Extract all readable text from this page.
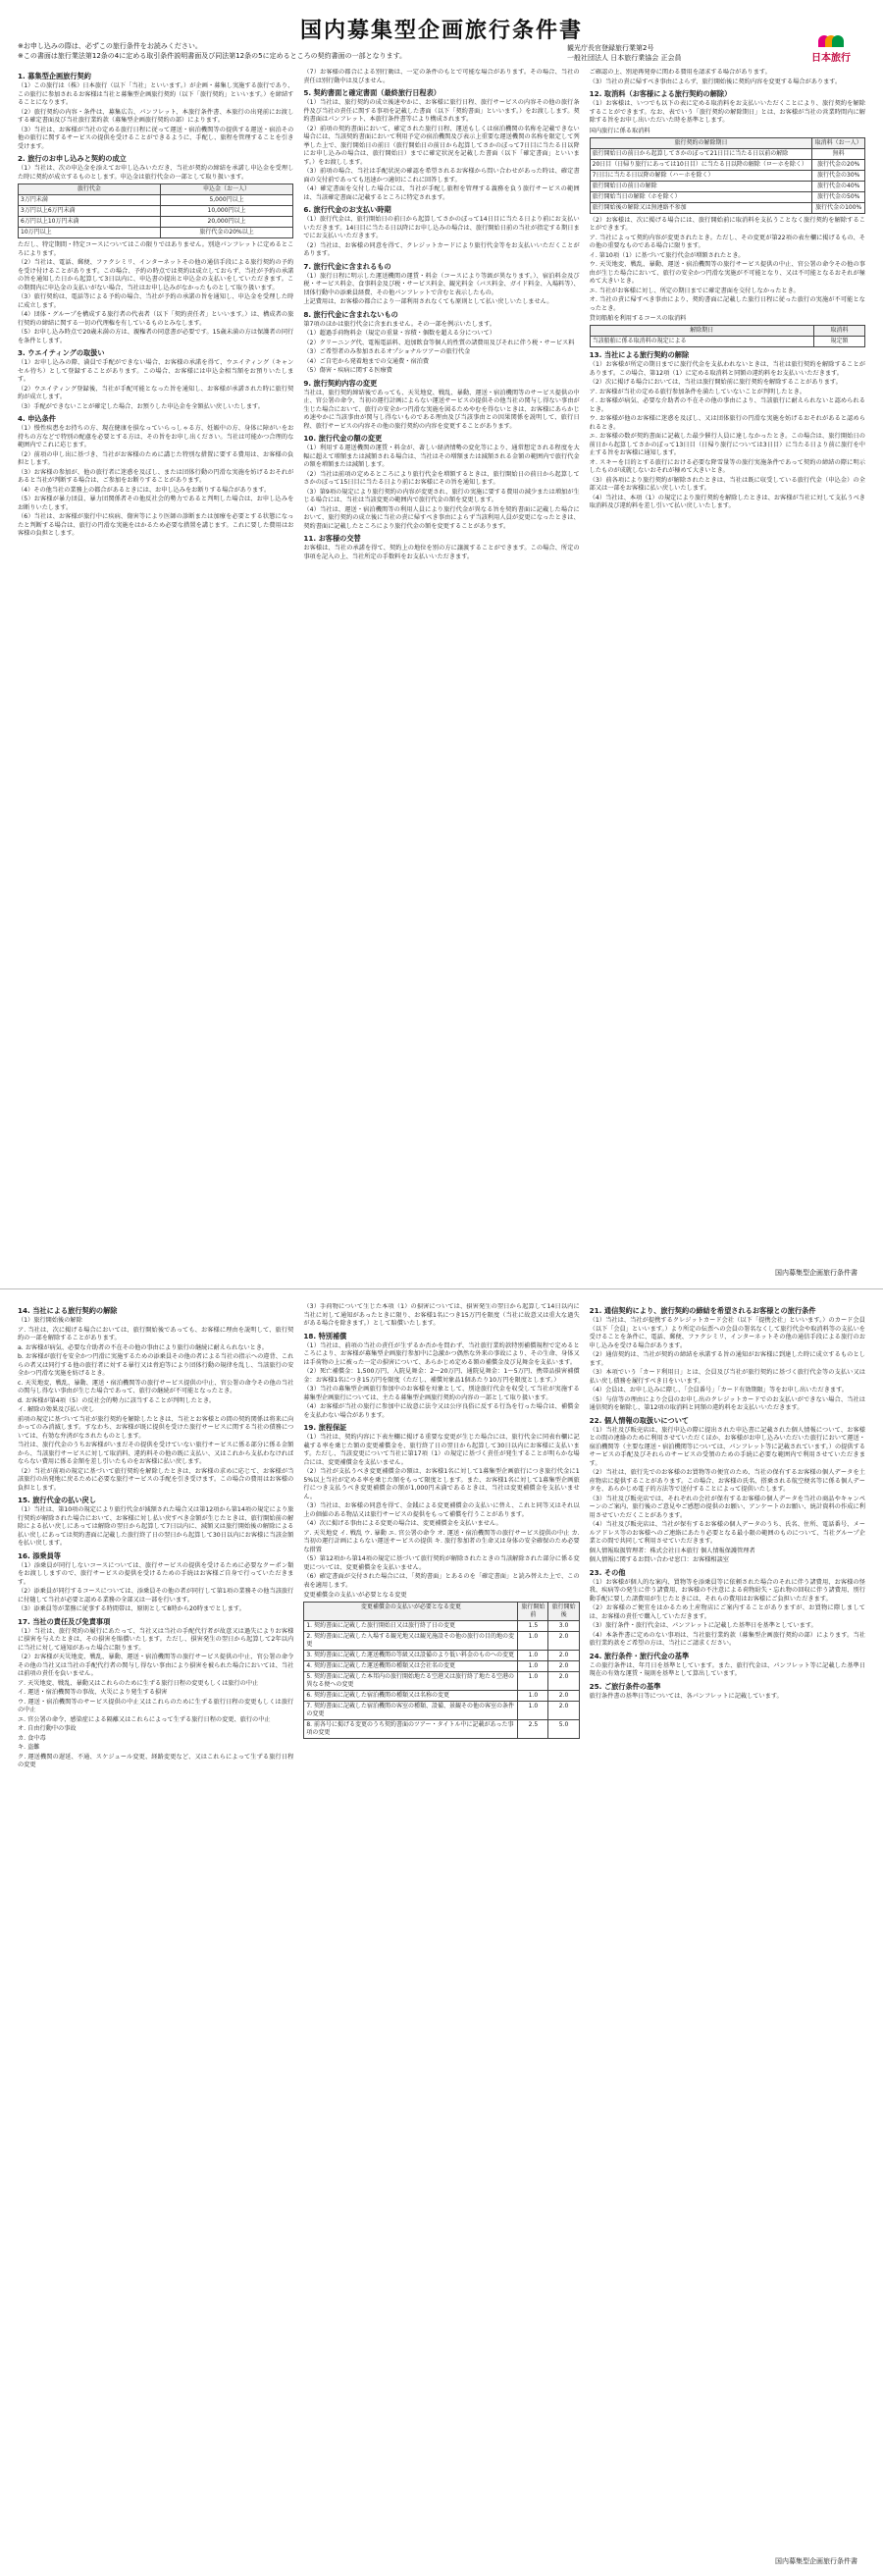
国内募集型企画旅行条件書
※お申し込みの際は、必ずこの旅行条件をお読みください。
※この書面は旅行業法第12条の4に定める取引条件説明書面及び同法第12条の5に定めるところの契約書面の一部となります。
観光庁長官登録旅行業第2号
一般社団法人 日本旅行業協会 正会員	日本旅行
1. 募集型企画旅行契約

（1）この旅行は（株）日本旅行（以下「当社」といいます。）が企画・募集し実施する旅行であり、この旅行に参加されるお客様は当社と募集型企画旅行契約（以下「旅行契約」といいます。）を締結することになります。

（2）旅行契約の内容・条件は、募集広告、パンフレット、本旅行条件書、本旅行の出発前にお渡しする確定書面及び当社旅行業約款（募集型企画旅行契約の部）によります。

（3）当社は、お客様が当社の定める旅行日程に従って運送・宿泊機関等の提供する運送・宿泊その他の旅行に関するサービスの提供を受けることができるように、手配し、旅程を管理することを引き受けます。

2. 旅行のお申し込みと契約の成立

（1）当社は、次の申込金を添えてお申し込みいただき、当社が契約の締結を承諾し申込金を受理した時に契約が成立するものとします。申込金は旅行代金の一部として取り扱います。

旅行代金	申込金（お一人）
3万円未満	5,000円以上
3万円以上6万円未満	10,000円以上
6万円以上10万円未満	20,000円以上
10万円以上	旅行代金の20%以上

ただし、特定期間・特定コースについてはこの限りではありません。別途パンフレットに定めるところによります。

（2）当社は、電話、郵便、ファクシミリ、インターネットその他の通信手段による旅行契約の予約を受け付けることがあります。この場合、予約の時点では契約は成立しておらず、当社が予約の承諾の旨を通知した日から起算して3日以内に、申込書の提出と申込金の支払いをしていただきます。この期間内に申込金の支払いがない場合、当社はお申し込みがなかったものとして取り扱います。

（3）旅行契約は、電話等による予約の場合、当社が予約の承諾の旨を通知し、申込金を受理した時に成立します。

（4）団体・グループを構成する旅行者の代表者（以下「契約責任者」といいます。）は、構成者の旅行契約の締結に関する一切の代理権を有しているものとみなします。

（5）お申し込み時点で20歳未満の方は、親権者の同意書が必要です。15歳未満の方は保護者の同行を条件とします。

3. ウエイティングの取扱い

（1）お申し込みの際、満員で手配ができない場合、お客様の承諾を得て、ウエイティング（キャンセル待ち）として登録することがあります。この場合、お客様には申込金相当額をお預りいたします。

（2）ウエイティング登録後、当社が手配可能となった旨を通知し、お客様が承諾された時に旅行契約が成立します。

（3）手配ができないことが確定した場合、お預りした申込金を全額払い戻しいたします。

4. 申込条件

（1）慢性疾患をお持ちの方、現在健康を損なっていらっしゃる方、妊娠中の方、身体に障がいをお持ちの方などで特別の配慮を必要とする方は、その旨をお申し出ください。当社は可能かつ合理的な範囲内でこれに応じます。

（2）前項の申し出に基づき、当社がお客様のために講じた特別な措置に要する費用は、お客様の負担とします。

（3）お客様の参加が、他の旅行者に迷惑を及ぼし、または団体行動の円滑な実施を妨げるおそれがあると当社が判断する場合は、ご参加をお断りすることがあります。

（4）その他当社の業務上の都合があるときには、お申し込みをお断りする場合があります。

（5）お客様が暴力団員、暴力団関係者その他反社会的勢力であると判明した場合は、お申し込みをお断りいたします。

（6）当社は、お客様が旅行中に疾病、傷害等により医師の診断または加療を必要とする状態になったと判断する場合は、旅行の円滑な実施をはかるため必要な措置を講じます。これに要した費用はお客様の負担とします。

（7）お客様の都合による別行動は、一定の条件のもとで可能な場合があります。その場合、当社の責任は別行動中は及びません。

5. 契約書面と確定書面（最終旅行日程表）

（1）当社は、旅行契約の成立後速やかに、お客様に旅行日程、旅行サービスの内容その他の旅行条件及び当社の責任に関する事項を記載した書面（以下「契約書面」といいます。）をお渡しします。契約書面はパンフレット、本旅行条件書等により構成されます。

（2）前項の契約書面において、確定された旅行日程、運送もしくは宿泊機関の名称を記載できない場合には、当該契約書面において利用予定の宿泊機関及び表示上重要な運送機関の名称を限定して列挙した上で、旅行開始日の前日（旅行開始日の前日から起算してさかのぼって7日目に当たる日以降にお申し込みの場合は、旅行開始日）までに確定状況を記載した書面（以下「確定書面」といいます。）をお渡しします。

（3）前項の場合、当社は手配状況の確認を希望されるお客様から問い合わせがあった時は、確定書面の交付前であっても迅速かつ適切にこれに回答します。

（4）確定書面を交付した場合には、当社が手配し旅程を管理する義務を負う旅行サービスの範囲は、当該確定書面に記載するところに特定されます。

6. 旅行代金のお支払い時期

（1）旅行代金は、旅行開始日の前日から起算してさかのぼって14日目に当たる日より前にお支払いいただきます。14日目に当たる日以降にお申し込みの場合は、旅行開始日前の当社が指定する期日までにお支払いいただきます。

（2）当社は、お客様の同意を得て、クレジットカードにより旅行代金等をお支払いいただくことがあります。

7. 旅行代金に含まれるもの

（1）旅行日程に明示した運送機関の運賃・料金（コースにより等級が異なります。）、宿泊料金及び税・サービス料金、食事料金及び税・サービス料金、観光料金（バス料金、ガイド料金、入場料等）、団体行動中の添乗員経費、その他パンフレットで含むと表示したもの。

上記費用は、お客様の都合により一部利用されなくても原則として払い戻しいたしません。

8. 旅行代金に含まれないもの

第7項のほかは旅行代金に含まれません。その一部を例示いたします。

（1）超過手荷物料金（規定の重量・容積・個数を超える分について）

（2）クリーニング代、電報電話料、追加飲食等個人的性質の諸費用及びそれに伴う税・サービス料

（3）ご希望者のみ参加されるオプショナルツアーの旅行代金

（4）ご自宅から発着地までの交通費・宿泊費

（5）傷害・疾病に関する医療費

9. 旅行契約内容の変更

当社は、旅行契約締結後であっても、天災地変、戦乱、暴動、運送・宿泊機関等のサービス提供の中止、官公署の命令、当初の運行計画によらない運送サービスの提供その他当社の関与し得ない事由が生じた場合において、旅行の安全かつ円滑な実施を図るためやむを得ないときは、お客様にあらかじめ速やかに当該事由が関与し得ないものである理由及び当該事由との因果関係を説明して、旅行日程、旅行サービスの内容その他の旅行契約の内容を変更することがあります。

10. 旅行代金の額の変更

（1）利用する運送機関の運賃・料金が、著しい経済情勢の変化等により、通常想定される程度を大幅に超えて増額または減額される場合は、当社はその増額または減額される金額の範囲内で旅行代金の額を増額または減額します。

（2）当社は前項の定めるところにより旅行代金を増額するときは、旅行開始日の前日から起算してさかのぼって15日目に当たる日より前にお客様にその旨を通知します。

（3）第9項の規定により旅行契約の内容が変更され、旅行の実施に要する費用の減少または増加が生じる場合には、当社は当該変更の範囲内で旅行代金の額を変更します。

（4）当社は、運送・宿泊機関等の利用人員により旅行代金が異なる旨を契約書面に記載した場合において、旅行契約の成立後に当社の責に帰すべき事由によらず当該利用人員が変更になったときは、契約書面に記載したところにより旅行代金の額を変更することがあります。

11. お客様の交替

お客様は、当社の承諾を得て、契約上の地位を別の方に譲渡することができます。この場合、所定の事項を記入の上、当社所定の手数料をお支払いいただきます。

ご確認の上、別途再発券に関わる費用を請求する場合があります。

（3）当社の責に帰すべき事由によらず、旅行開始後に契約内容を変更する場合があります。

12. 取消料（お客様による旅行契約の解除）

（1）お客様は、いつでも以下の表に定める取消料をお支払いいただくことにより、旅行契約を解除することができます。なお、表でいう「旅行契約の解除期日」とは、お客様が当社の営業時間内に解除する旨をお申し出いただいた時を基準とします。

国内旅行に係る取消料
旅行契約の解除期日	取消料（お一人）
旅行開始日の前日から起算してさかのぼって21日目に当たる日以前の解除	無料
20日目（日帰り旅行にあっては10日目）に当たる日以降の解除（ロ～ホを除く）	旅行代金の20%
7日目に当たる日以降の解除（ハ～ホを除く）	旅行代金の30%
旅行開始日の前日の解除	旅行代金の40%
旅行開始当日の解除（ホを除く）	旅行代金の50%
旅行開始後の解除又は無連絡不参加	旅行代金の100%

（2）お客様は、次に掲げる場合には、旅行開始前に取消料を支払うことなく旅行契約を解除することができます。

ア. 当社によって契約内容が変更されたとき。ただし、その変更が第22項の表左欄に掲げるもの、その他の重要なものである場合に限ります。

イ. 第10項（1）に基づいて旅行代金が増額されたとき。

ウ. 天災地変、戦乱、暴動、運送・宿泊機関等の旅行サービス提供の中止、官公署の命令その他の事由が生じた場合において、旅行の安全かつ円滑な実施が不可能となり、又は不可能となるおそれが極めて大きいとき。

エ. 当社がお客様に対し、所定の期日までに確定書面を交付しなかったとき。

オ. 当社の責に帰すべき事由により、契約書面に記載した旅行日程に従った旅行の実施が不可能となったとき。

貸切船舶を利用するコースの取消料
解除期日	取消料
当該船舶に係る取消料の規定による	規定額
13. 当社による旅行契約の解除

（1）お客様が所定の期日までに旅行代金を支払われないときは、当社は旅行契約を解除することがあります。この場合、第12項（1）に定める取消料と同額の違約料をお支払いいただきます。

（2）次に掲げる場合においては、当社は旅行開始前に旅行契約を解除することがあります。

ア. お客様が当社の定める旅行参加条件を満たしていないことが判明したとき。

イ. お客様が病気、必要な介助者の不在その他の事由により、当該旅行に耐えられないと認められるとき。

ウ. お客様が他のお客様に迷惑を及ぼし、又は団体旅行の円滑な実施を妨げるおそれがあると認められるとき。

エ. お客様の数が契約書面に記載した最少催行人員に達しなかったとき。この場合は、旅行開始日の前日から起算してさかのぼって13日目（日帰り旅行については3日目）に当たる日より前に旅行を中止する旨をお客様に通知します。

オ. スキーを目的とする旅行における必要な降雪量等の旅行実施条件であって契約の締結の際に明示したものが成就しないおそれが極めて大きいとき。

（3）前各項により旅行契約が解除されたときは、当社は既に収受している旅行代金（申込金）の全部又は一部をお客様に払い戻しいたします。

（4）当社は、本項（1）の規定により旅行契約を解除したときは、お客様が当社に対して支払うべき取消料及び違約料を差し引いて払い戻しいたします。

国内募集型企画旅行条件書
14. 当社による旅行契約の解除

（1）旅行開始後の解除

ア. 当社は、次に掲げる場合においては、旅行開始後であっても、お客様に理由を説明して、旅行契約の一部を解除することがあります。

a. お客様が病気、必要な介助者の不在その他の事由により旅行の継続に耐えられないとき。

b. お客様が旅行を安全かつ円滑に実施するための添乗員その他の者による当社の指示への違背、これらの者又は同行する他の旅行者に対する暴行又は脅迫等により団体行動の規律を乱し、当該旅行の安全かつ円滑な実施を妨げるとき。

c. 天災地変、戦乱、暴動、運送・宿泊機関等の旅行サービス提供の中止、官公署の命令その他の当社の関与し得ない事由が生じた場合であって、旅行の継続が不可能となったとき。

d. お客様が第4項（5）の反社会的勢力に該当することが判明したとき。

イ. 解除の効果及び払い戻し

前項の規定に基づいて当社が旅行契約を解除したときは、当社とお客様との間の契約関係は将来に向かってのみ消滅します。すなわち、お客様が既に提供を受けた旅行サービスに関する当社の債務については、有効な弁済がなされたものとします。

当社は、旅行代金のうちお客様がいまだその提供を受けていない旅行サービスに係る部分に係る金額から、当該旅行サービスに対して取消料、違約料その他の既に支払い、又はこれから支払わなければならない費用に係る金額を差し引いたものをお客様に払い戻します。

（2）当社が前項の規定に基づいて旅行契約を解除したときは、お客様の求めに応じて、お客様が当該旅行の出発地に戻るために必要な旅行サービスの手配を引き受けます。この場合の費用はお客様の負担とします。

15. 旅行代金の払い戻し

（1）当社は、第10項の規定により旅行代金が減額された場合又は第12項から第14項の規定により旅行契約が解除された場合において、お客様に対し払い戻すべき金額が生じたときは、旅行開始前の解除による払い戻しにあっては解除の翌日から起算して7日以内に、減額又は旅行開始後の解除による払い戻しにあっては契約書面に記載した旅行終了日の翌日から起算して30日以内にお客様に当該金額を払い戻します。

16. 添乗員等

（1）添乗員が同行しないコースについては、旅行サービスの提供を受けるために必要なクーポン類をお渡ししますので、旅行サービスの提供を受けるための手続はお客様ご自身で行っていただきます。

（2）添乗員が同行するコースについては、添乗員その他の者が同行して第1項の業務その他当該旅行に付随して当社が必要と認める業務の全部又は一部を行います。

（3）添乗員等が業務に従事する時間帯は、原則として8時から20時までとします。

17. 当社の責任及び免責事項

（1）当社は、旅行契約の履行にあたって、当社又は当社の手配代行者が故意又は過失によりお客様に損害を与えたときは、その損害を賠償いたします。ただし、損害発生の翌日から起算して2年以内に当社に対して通知があった場合に限ります。

（2）お客様が天災地変、戦乱、暴動、運送・宿泊機関等の旅行サービス提供の中止、官公署の命令その他の当社又は当社の手配代行者の関与し得ない事由により損害を被られた場合においては、当社は前項の責任を負いません。

ア. 天災地変、戦乱、暴動又はこれらのために生ずる旅行日程の変更もしくは旅行の中止

イ. 運送・宿泊機関等の事故、火災により発生する損害

ウ. 運送・宿泊機関等のサービス提供の中止又はこれらのために生ずる旅行日程の変更もしくは旅行の中止

エ. 官公署の命令、感染症による隔離又はこれらによって生ずる旅行日程の変更、旅行の中止

オ. 自由行動中の事故

カ. 食中毒

キ. 盗難

ク. 運送機関の遅延、不通、スケジュール変更、経路変更など、又はこれらによって生ずる旅行日程の変更

（3）手荷物について生じた本項（1）の損害については、損害発生の翌日から起算して14日以内に当社に対して通知があったときに限り、お客様1名につき15万円を限度（当社に故意又は重大な過失がある場合を除きます。）として賠償いたします。

18. 特別補償

（1）当社は、前項の当社の責任が生ずるか否かを問わず、当社旅行業約款特別補償規程で定めるところにより、お客様が募集型企画旅行参加中に急激かつ偶然な外来の事故により、その生命、身体又は手荷物の上に被った一定の損害について、あらかじめ定める額の補償金及び見舞金を支払います。

（2）死亡補償金：1,500万円、入院見舞金：2～20万円、通院見舞金：1～5万円、携帯品損害補償金：お客様1名につき15万円を限度（ただし、補償対象品1個あたり10万円を限度とします。）

（3）当社の募集型企画旅行参加中のお客様を対象として、別途旅行代金を収受して当社が実施する募集型企画旅行については、主たる募集型企画旅行契約の内容の一部として取り扱います。

（4）お客様が当社の旅行に参加中に故意に法令又は公序良俗に反する行為を行った場合は、補償金を支払わない場合があります。

19. 旅程保証

（1）当社は、契約内容に下表左欄に掲げる重要な変更が生じた場合には、旅行代金に同表右欄に記載する率を乗じた額の変更補償金を、旅行終了日の翌日から起算して30日以内にお客様に支払います。ただし、当該変更について当社に第17項（1）の規定に基づく責任が発生することが明らかな場合には、変更補償金を支払いません。

（2）当社が支払うべき変更補償金の額は、お客様1名に対して1募集型企画旅行につき旅行代金に15%以上当社が定める率を乗じた額をもって限度とします。また、お客様1名に対して1募集型企画旅行につき支払うべき変更補償金の額が1,000円未満であるときは、当社は変更補償金を支払いません。

（3）当社は、お客様の同意を得て、金銭による変更補償金の支払いに替え、これと同等又はそれ以上の価値のある物品又は旅行サービスの提供をもって補償を行うことがあります。

（4）次に掲げる事由による変更の場合は、変更補償金を支払いません。

ア. 天災地変 イ. 戦乱 ウ. 暴動 エ. 官公署の命令 オ. 運送・宿泊機関等の旅行サービス提供の中止 カ. 当初の運行計画によらない運送サービスの提供 キ. 旅行参加者の生命又は身体の安全確保のため必要な措置

（5）第12項から第14項の規定に基づいて旅行契約が解除されたときの当該解除された部分に係る変更については、変更補償金を支払いません。

（6）確定書面が交付された場合には、「契約書面」とあるのを「確定書面」と読み替えた上で、この表を適用します。

変更補償金の支払いが必要となる変更
変更補償金の支払いが必要となる変更	旅行開始前	旅行開始後
1. 契約書面に記載した旅行開始日又は旅行終了日の変更	1.5	3.0
2. 契約書面に記載した入場する観光地又は観光施設その他の旅行の目的地の変更	1.0	2.0
3. 契約書面に記載した運送機関の等級又は設備のより低い料金のものへの変更	1.0	2.0
4. 契約書面に記載した運送機関の種類又は会社名の変更	1.0	2.0
5. 契約書面に記載した本邦内の旅行開始地たる空港又は旅行終了地たる空港の異なる便への変更	1.0	2.0
6. 契約書面に記載した宿泊機関の種類又は名称の変更	1.0	2.0
7. 契約書面に記載した宿泊機関の客室の種類、設備、景観その他の客室の条件の変更	1.0	2.0
8. 前各号に掲げる変更のうち契約書面のツアー・タイトル中に記載があった事項の変更	2.5	5.0
21. 通信契約により、旅行契約の締結を希望されるお客様との旅行条件

（1）当社は、当社が提携するクレジットカード会社（以下「提携会社」といいます。）のカード会員（以下「会員」といいます。）より所定の伝票への会員の署名なくして旅行代金や取消料等の支払いを受けることを条件に、電話、郵便、ファクシミリ、インターネットその他の通信手段による旅行のお申し込みを受ける場合があります。

（2）通信契約は、当社が契約の締結を承諾する旨の通知がお客様に到達した時に成立するものとします。

（3）本項でいう「カード利用日」とは、会員及び当社が旅行契約に基づく旅行代金等の支払い又は払い戻し債務を履行すべき日をいいます。

（4）会員は、お申し込みに際し、「会員番号」「カード有効期限」等をお申し出いただきます。

（5）与信等の理由により会員のお申し出のクレジットカードでのお支払いができない場合、当社は通信契約を解除し、第12項の取消料と同額の違約料をお支払いいただきます。

22. 個人情報の取扱いについて

（1）当社及び販売店は、旅行申込の際に提出された申込書に記載された個人情報について、お客様との間の連絡のために利用させていただくほか、お客様がお申し込みいただいた旅行において運送・宿泊機関等（主要な運送・宿泊機関等については、パンフレット等に記載されています。）の提供するサービスの手配及びそれらのサービスの受領のための手続に必要な範囲内で利用させていただきます。

（2）当社は、旅行先でのお客様のお買物等の便宜のため、当社の保有するお客様の個人データを土産物店に提供することがあります。この場合、お客様の氏名、搭乗される航空便名等に係る個人データを、あらかじめ電子的方法等で送付することによって提供いたします。

（3）当社及び販売店では、それぞれの会社が保有するお客様の個人データを当社の商品やキャンペーンのご案内、旅行後のご意見やご感想の提供のお願い、アンケートのお願い、統計資料の作成に利用させていただくことがあります。

（4）当社及び販売店は、当社が保有するお客様の個人データのうち、氏名、住所、電話番号、メールアドレス等のお客様へのご連絡にあたり必要となる最小限の範囲のものについて、当社グループ企業との間で共同して利用させていただきます。

個人情報取扱管理者：株式会社日本旅行 個人情報保護管理者

個人情報に関するお問い合わせ窓口：お客様相談室

23. その他

（1）お客様が個人的な案内、買物等を添乗員等に依頼された場合のそれに伴う諸費用、お客様の怪我、疾病等の発生に伴う諸費用、お客様の不注意による荷物紛失・忘れ物の回収に伴う諸費用、別行動手配に要した諸費用が生じたときには、それらの費用はお客様にご負担いただきます。

（2）お客様のご便宜をはかるため土産物店にご案内することがありますが、お買物に際しましては、お客様の責任で購入していただきます。

（3）旅行条件・旅行代金は、パンフレットに記載した基準日を基準としています。

（4）本条件書に定めのない事項は、当社旅行業約款（募集型企画旅行契約の部）によります。当社旅行業約款をご希望の方は、当社にご請求ください。

24. 旅行条件・旅行代金の基準

この旅行条件は、年月日を基準としています。また、旅行代金は、パンフレット等に記載した基準日現在の有効な運賃・規則を基準として算出しています。

25. ご旅行条件の基準

旅行条件書の基準日等については、各パンフレットに記載しています。

国内募集型企画旅行条件書
